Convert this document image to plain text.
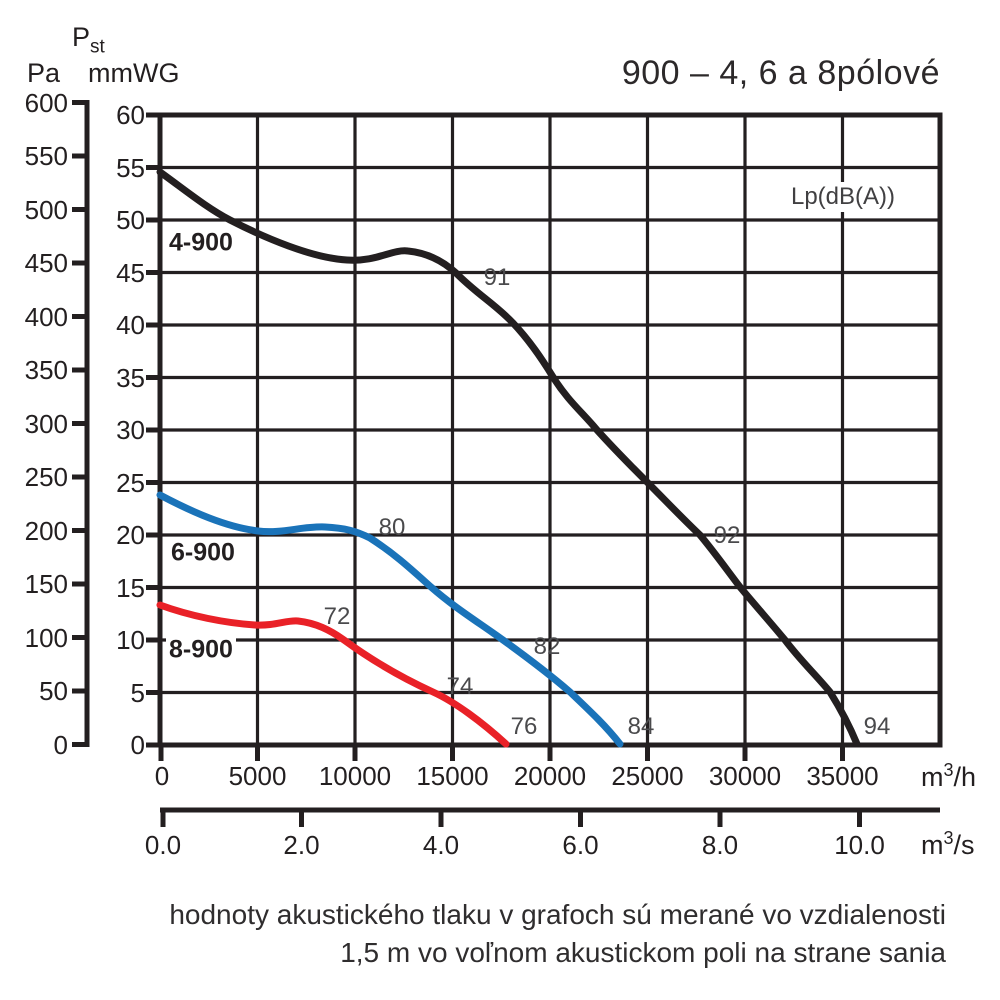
$P_{st}$
Pa mmWG	900 – 4, 6 a 8pólové
Lp(dB(A))
600
550
500
450
400
350
300
250
200
150
100
50
0
60
55
50
45
40
35
30
25
20
15
10
5
0
0 5000 10000 15000 20000 25000 30000 35000 $m^3/h$
0.0	2.0	4.0	6.0	8.0	10.0 $m^3/s$
4-900
6-900
8-900
91
92
94
80
82
84
72
74
76
hodnoty akustického tlaku v grafoch sú merané vo vzdialenosti
1,5 m vo voľnom akustickom poli na strane sania
